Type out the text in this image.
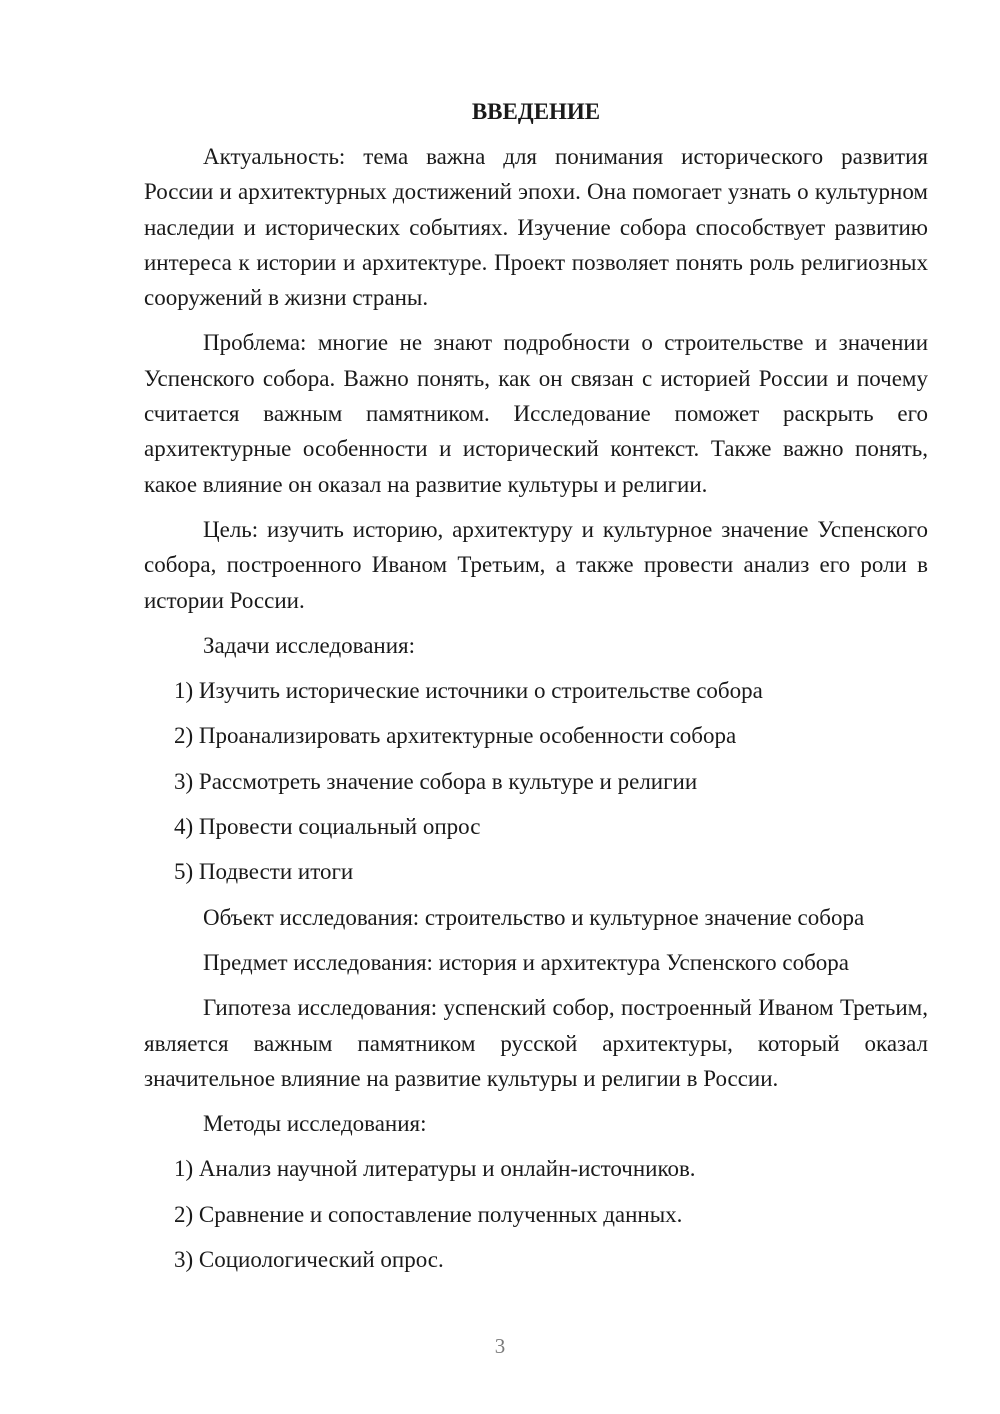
ВВЕДЕНИЕ

Актуальность: тема важна для понимания исторического развития России и архитектурных достижений эпохи. Она помогает узнать о культурном наследии и исторических событиях. Изучение собора способствует развитию интереса к истории и архитектуре. Проект позволяет понять роль религиозных сооружений в жизни страны.

Проблема: многие не знают подробности о строительстве и значении Успенского собора. Важно понять, как он связан с историей России и почему считается важным памятником. Исследование поможет раскрыть его архитектурные особенности и исторический контекст. Также важно понять, какое влияние он оказал на развитие культуры и религии.

Цель: изучить историю, архитектуру и культурное значение Успенского собора, построенного Иваном Третьим, а также провести анализ его роли в истории России.

Задачи исследования:

1) Изучить исторические источники о строительстве собора
2) Проанализировать архитектурные особенности собора
3) Рассмотреть значение собора в культуре и религии
4) Провести социальный опрос
5) Подвести итоги

Объект исследования: строительство и культурное значение собора

Предмет исследования: история и архитектура Успенского собора

Гипотеза исследования: успенский собор, построенный Иваном Третьим, является важным памятником русской архитектуры, который оказал значительное влияние на развитие культуры и религии в России.

Методы исследования:

1) Анализ научной литературы и онлайн-источников.
2) Сравнение и сопоставление полученных данных.
3) Социологический опрос.
3
